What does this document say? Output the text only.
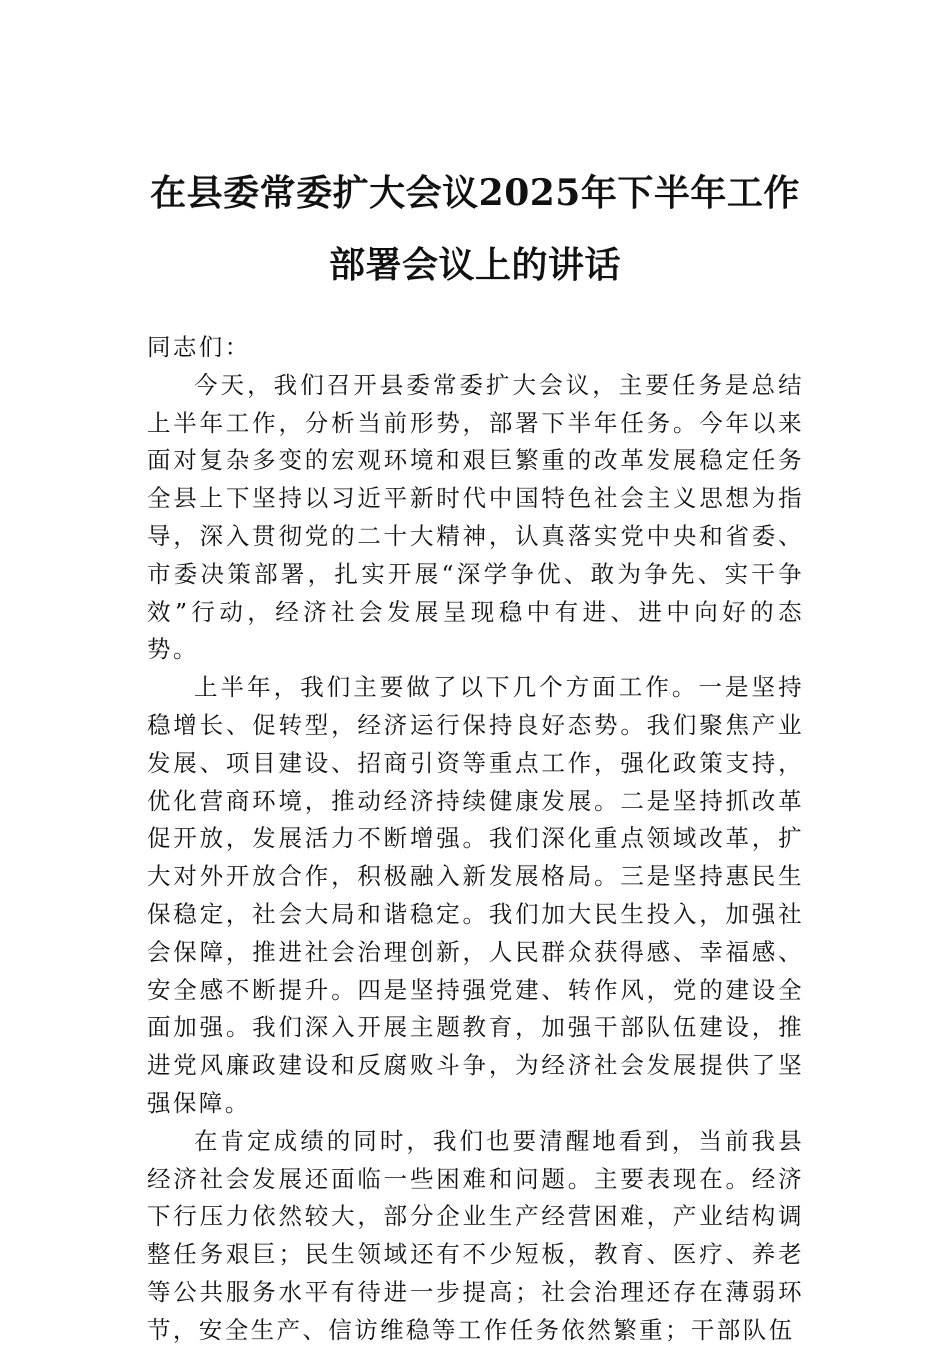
在县委常委扩大会议2025年下半年工作部署会议上的讲话

同志们：

今天，我们召开县委常委扩大会议，主要任务是总结上半年工作，分析当前形势，部署下半年任务。今年以来面对复杂多变的宏观环境和艰巨繁重的改革发展稳定任务全县上下坚持以习近平新时代中国特色社会主义思想为指导，深入贯彻党的二十大精神，认真落实党中央和省委、市委决策部署，扎实开展“深学争优、敢为争先、实干争效”行动，经济社会发展呈现稳中有进、进中向好的态势。

上半年，我们主要做了以下几个方面工作。一是坚持稳增长、促转型，经济运行保持良好态势。我们聚焦产业发展、项目建设、招商引资等重点工作，强化政策支持，优化营商环境，推动经济持续健康发展。二是坚持抓改革促开放，发展活力不断增强。我们深化重点领域改革，扩大对外开放合作，积极融入新发展格局。三是坚持惠民生保稳定，社会大局和谐稳定。我们加大民生投入，加强社会保障，推进社会治理创新，人民群众获得感、幸福感、安全感不断提升。四是坚持强党建、转作风，党的建设全面加强。我们深入开展主题教育，加强干部队伍建设，推进党风廉政建设和反腐败斗争，为经济社会发展提供了坚强保障。

在肯定成绩的同时，我们也要清醒地看到，当前我县经济社会发展还面临一些困难和问题。主要表现在。经济下行压力依然较大，部分企业生产经营困难，产业结构调整任务艰巨；民生领域还有不少短板，教育、医疗、养老等公共服务水平有待进一步提高；社会治理还存在薄弱环节，安全生产、信访维稳等工作任务依然繁重；干部队伍
